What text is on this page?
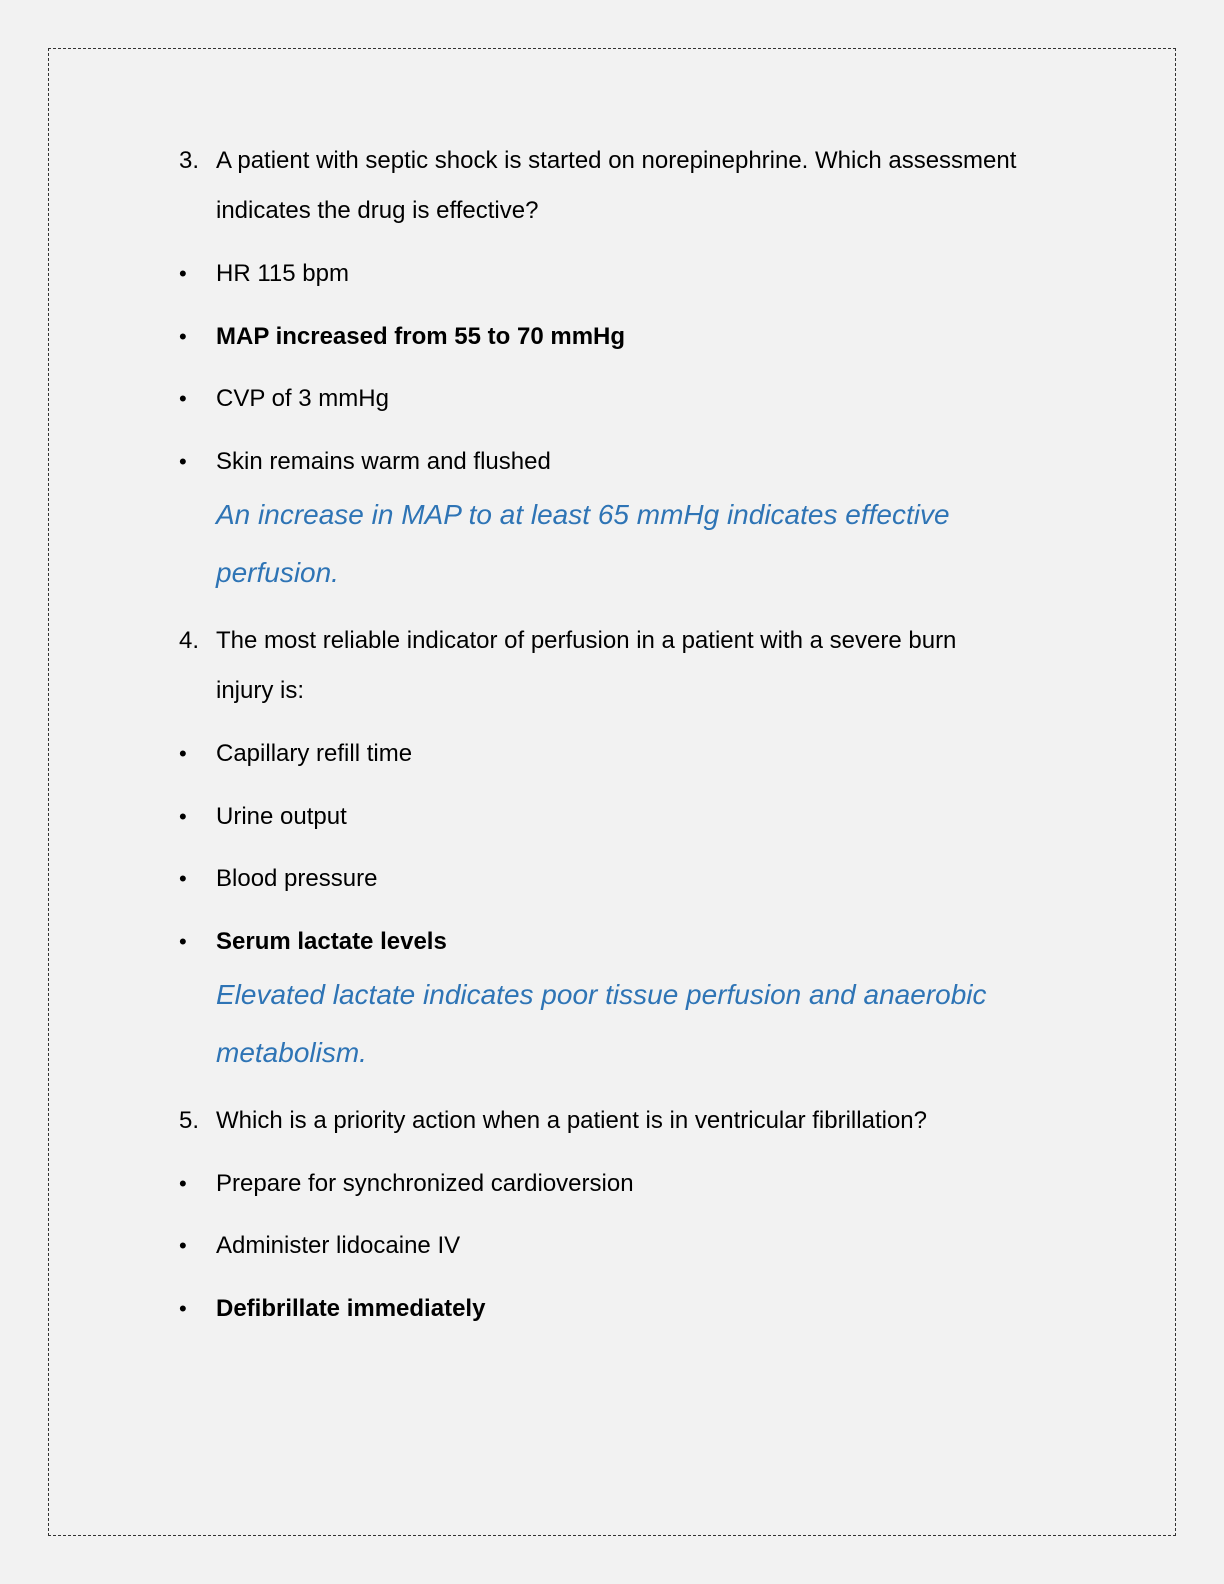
3. A patient with septic shock is started on norepinephrine. Which assessment
indicates the drug is effective?
• HR 115 bpm
• MAP increased from 55 to 70 mmHg
• CVP of 3 mmHg
• Skin remains warm and flushed
An increase in MAP to at least 65 mmHg indicates effective
perfusion.
4. The most reliable indicator of perfusion in a patient with a severe burn
injury is:
• Capillary refill time
• Urine output
• Blood pressure
• Serum lactate levels
Elevated lactate indicates poor tissue perfusion and anaerobic
metabolism.
5. Which is a priority action when a patient is in ventricular fibrillation?
• Prepare for synchronized cardioversion
• Administer lidocaine IV
• Defibrillate immediately
